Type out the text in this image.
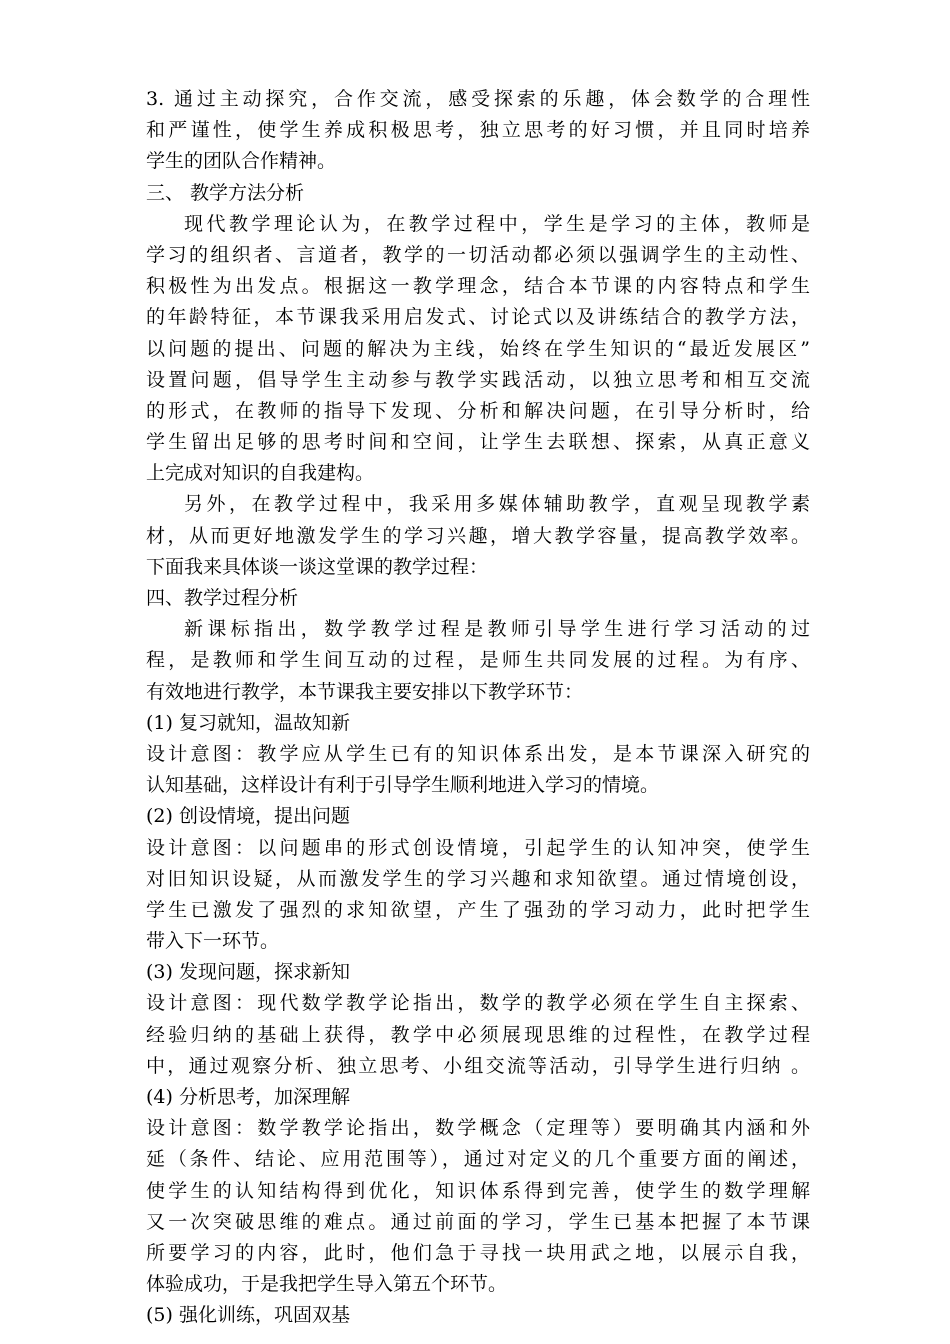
3. 通过主动探究，合作交流，感受探索的乐趣，体会数学的合理性
和严谨性，使学生养成积极思考，独立思考的好习惯，并且同时培养
学生的团队合作精神。
三、 教学方法分析
现代教学理论认为，在教学过程中，学生是学习的主体，教师是
学习的组织者、言道者，教学的一切活动都必须以强调学生的主动性、
积极性为出发点。根据这一教学理念，结合本节课的内容特点和学生
的年龄特征，本节课我采用启发式、讨论式以及讲练结合的教学方法，
以问题的提出、问题的解决为主线，始终在学生知识的“最近发展区”
设置问题，倡导学生主动参与教学实践活动，以独立思考和相互交流
的形式，在教师的指导下发现、分析和解决问题，在引导分析时，给
学生留出足够的思考时间和空间，让学生去联想、探索，从真正意义
上完成对知识的自我建构。
另外，在教学过程中，我采用多媒体辅助教学，直观呈现教学素
材，从而更好地激发学生的学习兴趣，增大教学容量，提高教学效率。
下面我来具体谈一谈这堂课的教学过程：
四、教学过程分析
新课标指出，数学教学过程是教师引导学生进行学习活动的过
程，是教师和学生间互动的过程，是师生共同发展的过程。为有序、
有效地进行教学，本节课我主要安排以下教学环节：
(1) 复习就知，温故知新
设计意图：教学应从学生已有的知识体系出发，是本节课深入研究的
认知基础，这样设计有利于引导学生顺利地进入学习的情境。
(2) 创设情境，提出问题
设计意图：以问题串的形式创设情境，引起学生的认知冲突，使学生
对旧知识设疑，从而激发学生的学习兴趣和求知欲望。通过情境创设，
学生已激发了强烈的求知欲望，产生了强劲的学习动力，此时把学生
带入下一环节。
(3) 发现问题，探求新知
设计意图：现代数学教学论指出，数学的教学必须在学生自主探索、
经验归纳的基础上获得，教学中必须展现思维的过程性，在教学过程
中，通过观察分析、独立思考、小组交流等活动，引导学生进行归纳 。
(4) 分析思考，加深理解
设计意图：数学教学论指出，数学概念（定理等）要明确其内涵和外
延（条件、结论、应用范围等），通过对定义的几个重要方面的阐述，
使学生的认知结构得到优化，知识体系得到完善，使学生的数学理解
又一次突破思维的难点。通过前面的学习，学生已基本把握了本节课
所要学习的内容，此时，他们急于寻找一块用武之地，以展示自我，
体验成功，于是我把学生导入第五个环节。
(5) 强化训练，巩固双基
